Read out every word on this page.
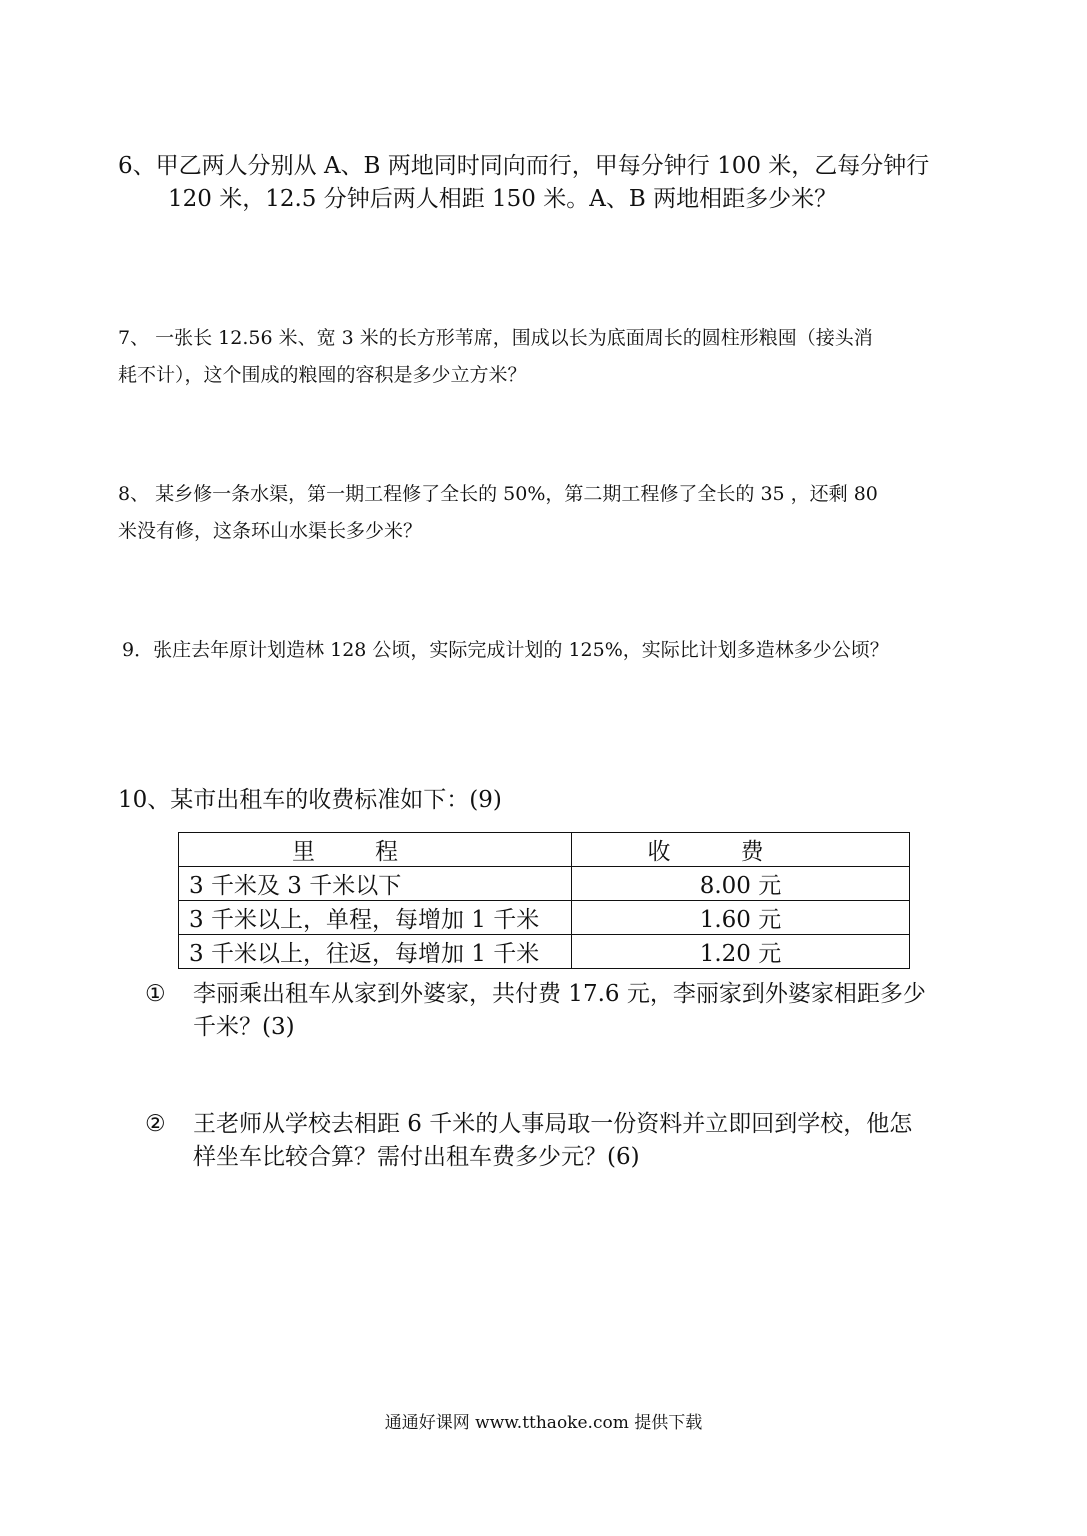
6、甲乙两人分别从 A、B 两地同时同向而行，甲每分钟行 100 米，乙每分钟行
120 米，12.5 分钟后两人相距 150 米。A、B 两地相距多少米？

7、 一张长 12.56 米、宽 3 米的长方形苇席，围成以长为底面周长的圆柱形粮囤（接头消
耗不计），这个围成的粮囤的容积是多少立方米？

8、 某乡修一条水渠，第一期工程修了全长的 50%，第二期工程修了全长的 35 ，还剩 80
米没有修，这条环山水渠长多少米？

9．张庄去年原计划造林 128 公顷，实际完成计划的 125%，实际比计划多造林多少公顷？

10、某市出租车的收费标准如下：(9)

里程	收费
3 千米及 3 千米以下	8.00 元
3 千米以上，单程，每增加 1 千米	1.60 元
3 千米以上，往返，每增加 1 千米	1.20 元
① 李丽乘出租车从家到外婆家，共付费 17.6 元，李丽家到外婆家相距多少
千米？(3)
② 王老师从学校去相距 6 千米的人事局取一份资料并立即回到学校，他怎
样坐车比较合算？需付出租车费多少元？(6)
通通好课网 www.tthaoke.com 提供下载
